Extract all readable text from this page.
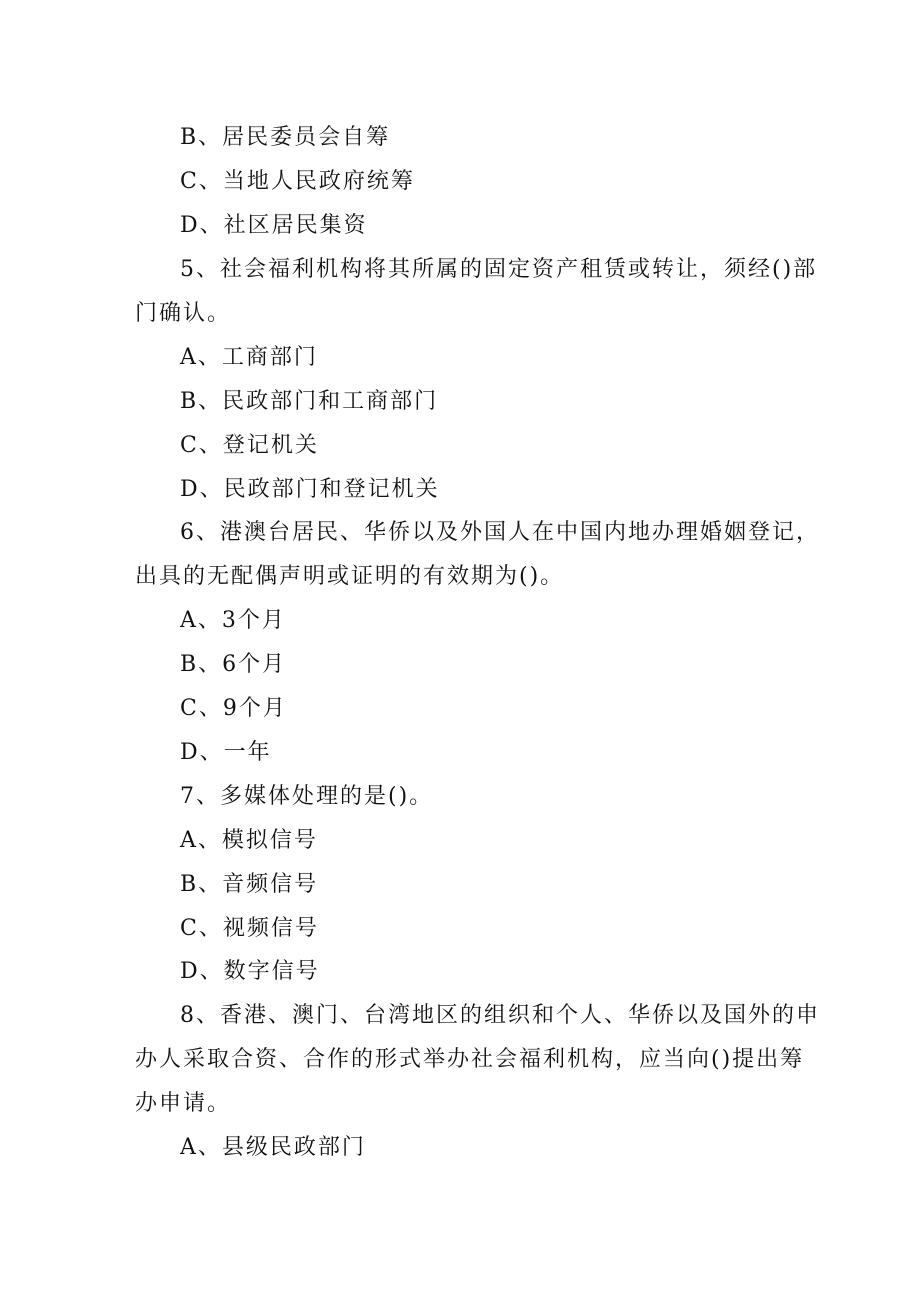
B、居民委员会自筹
C、当地人民政府统筹
D、社区居民集资
5、社会福利机构将其所属的固定资产租赁或转让，须经()部
门确认。
A、工商部门
B、民政部门和工商部门
C、登记机关
D、民政部门和登记机关
6、港澳台居民、华侨以及外国人在中国内地办理婚姻登记，
出具的无配偶声明或证明的有效期为()。
A、3个月
B、6个月
C、9个月
D、一年
7、多媒体处理的是()。
A、模拟信号
B、音频信号
C、视频信号
D、数字信号
8、香港、澳门、台湾地区的组织和个人、华侨以及国外的申
办人采取合资、合作的形式举办社会福利机构，应当向()提出筹
办申请。
A、县级民政部门
